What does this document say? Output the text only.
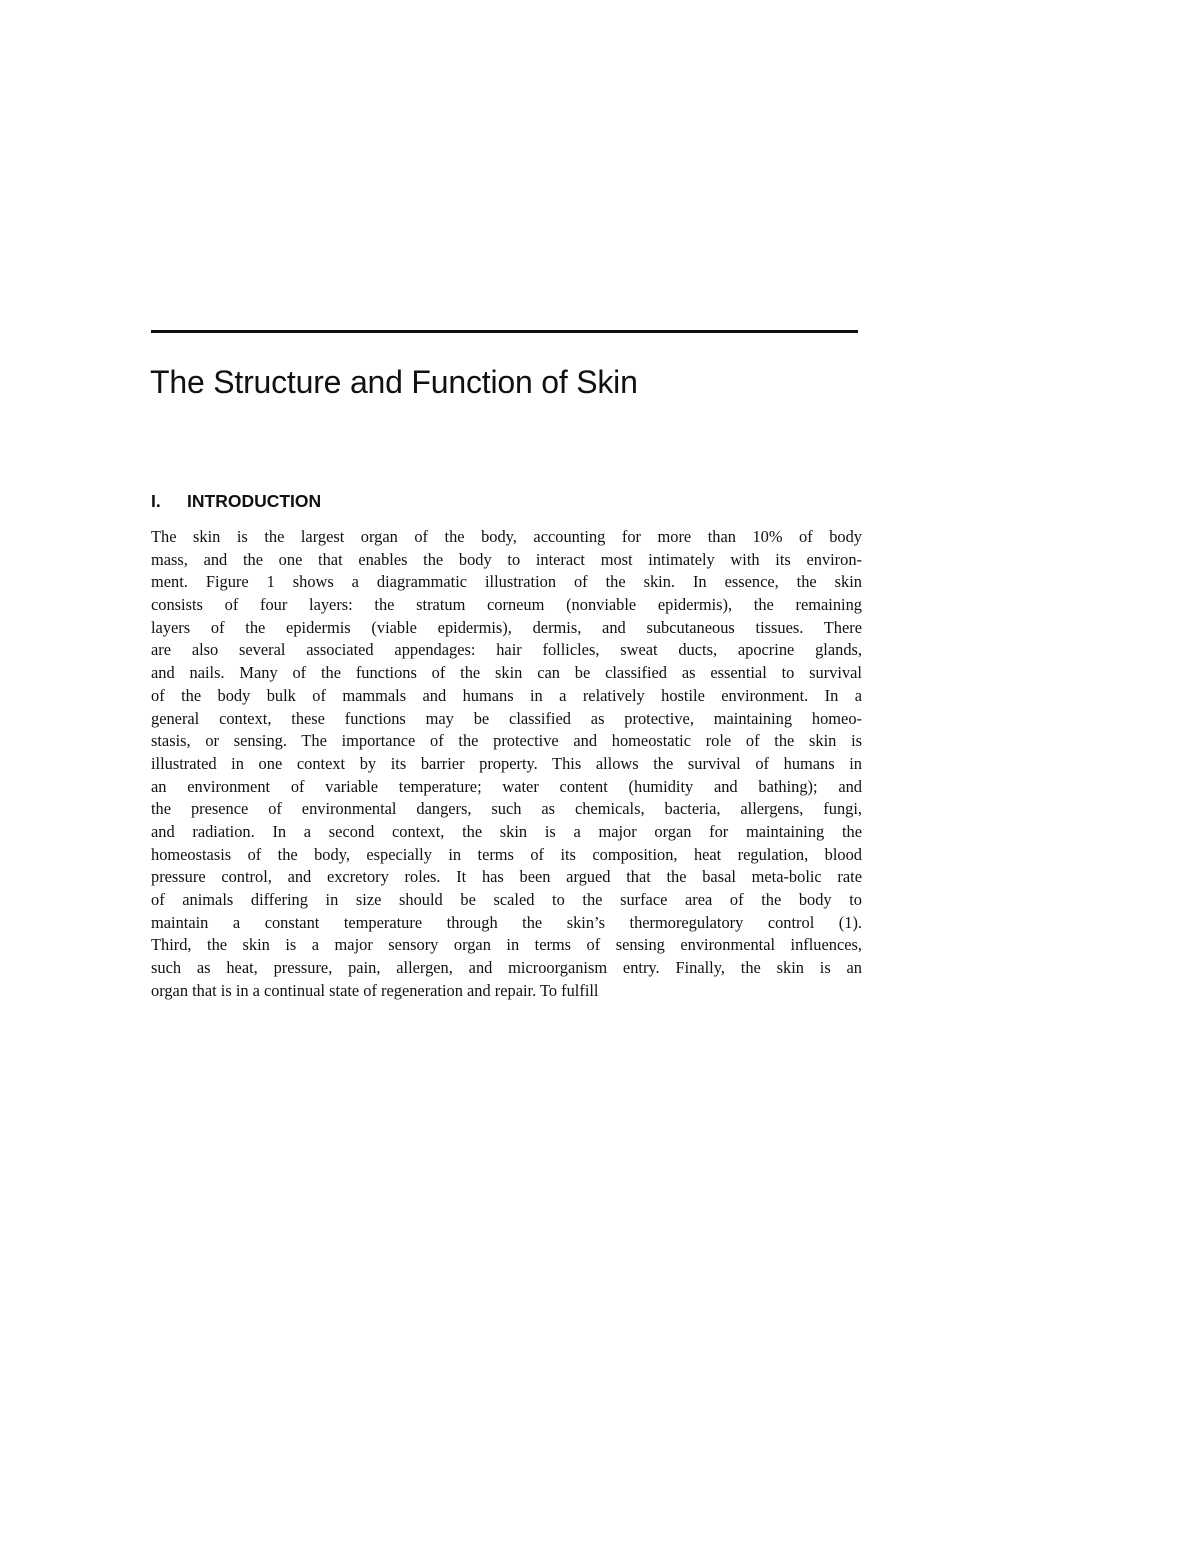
The Structure and Function of Skin
I. INTRODUCTION
The skin is the largest organ of the body, accounting for more than 10% of body
mass, and the one that enables the body to interact most intimately with its environ-
ment. Figure 1 shows a diagrammatic illustration of the skin. In essence, the skin
consists of four layers: the stratum corneum (nonviable epidermis), the remaining
layers of the epidermis (viable epidermis), dermis, and subcutaneous tissues. There
are also several associated appendages: hair follicles, sweat ducts, apocrine glands,
and nails. Many of the functions of the skin can be classified as essential to survival
of the body bulk of mammals and humans in a relatively hostile environment. In a
general context, these functions may be classified as protective, maintaining homeo-
stasis, or sensing. The importance of the protective and homeostatic role of the skin is
illustrated in one context by its barrier property. This allows the survival of humans in
an environment of variable temperature; water content (humidity and bathing); and
the presence of environmental dangers, such as chemicals, bacteria, allergens, fungi,
and radiation. In a second context, the skin is a major organ for maintaining the
homeostasis of the body, especially in terms of its composition, heat regulation, blood
pressure control, and excretory roles. It has been argued that the basal meta-bolic rate
of animals differing in size should be scaled to the surface area of the body to
maintain a constant temperature through the skin’s thermoregulatory control (1).
Third, the skin is a major sensory organ in terms of sensing environmental influences,
such as heat, pressure, pain, allergen, and microorganism entry. Finally, the skin is an
organ that is in a continual state of regeneration and repair. To fulfill
